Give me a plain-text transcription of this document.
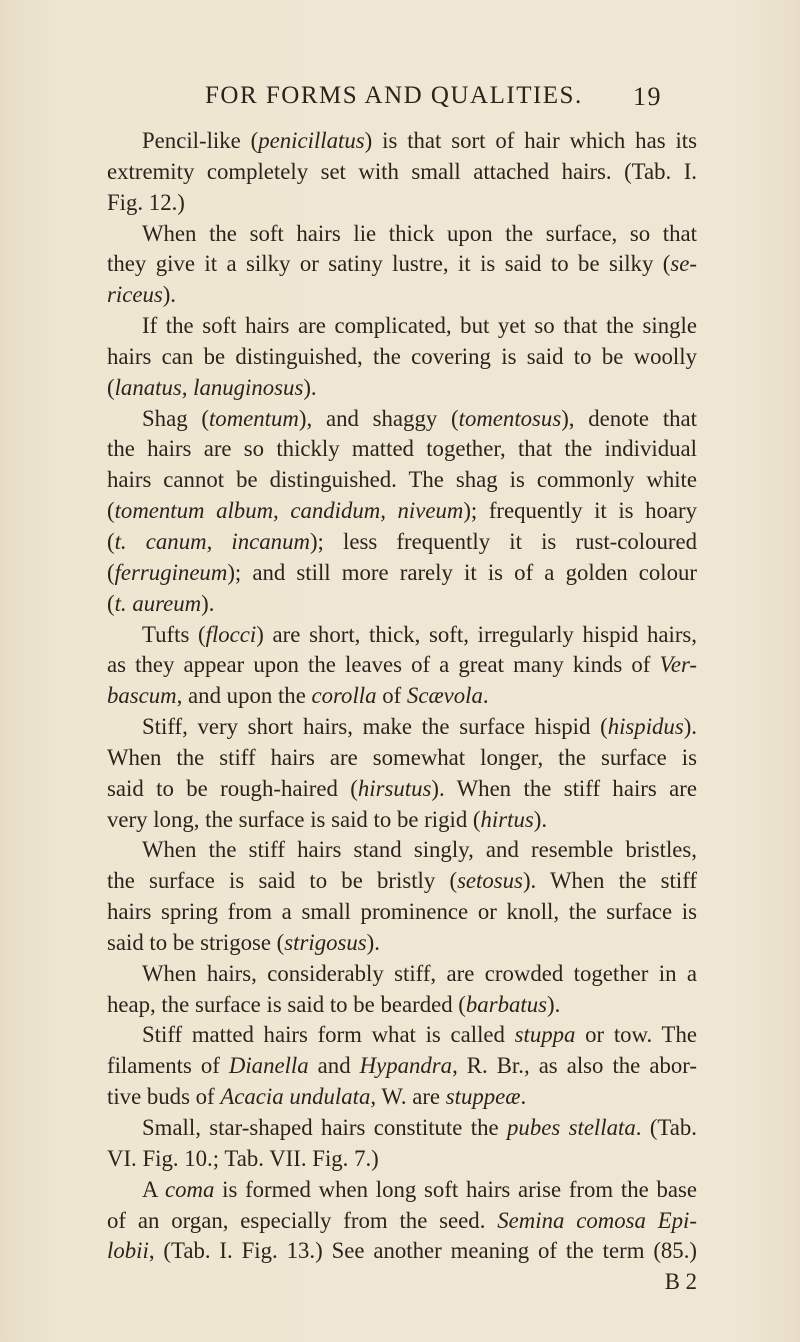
FOR FORMS AND QUALITIES. 19
Pencil-like (penicillatus) is that sort of hair which has its
extremity completely set with small attached hairs. (Tab. I.
Fig. 12.)
When the soft hairs lie thick upon the surface, so that
they give it a silky or satiny lustre, it is said to be silky (se-
riceus).
If the soft hairs are complicated, but yet so that the single
hairs can be distinguished, the covering is said to be woolly
(lanatus, lanuginosus).
Shag (tomentum), and shaggy (tomentosus), denote that
the hairs are so thickly matted together, that the individual
hairs cannot be distinguished. The shag is commonly white
(tomentum album, candidum, niveum); frequently it is hoary
(t. canum, incanum); less frequently it is rust-coloured
(ferrugineum); and still more rarely it is of a golden colour
(t. aureum).
Tufts (flocci) are short, thick, soft, irregularly hispid hairs,
as they appear upon the leaves of a great many kinds of Ver-
bascum, and upon the corolla of Scævola.
Stiff, very short hairs, make the surface hispid (hispidus).
When the stiff hairs are somewhat longer, the surface is
said to be rough-haired (hirsutus). When the stiff hairs are
very long, the surface is said to be rigid (hirtus).
When the stiff hairs stand singly, and resemble bristles,
the surface is said to be bristly (setosus). When the stiff
hairs spring from a small prominence or knoll, the surface is
said to be strigose (strigosus).
When hairs, considerably stiff, are crowded together in a
heap, the surface is said to be bearded (barbatus).
Stiff matted hairs form what is called stuppa or tow. The
filaments of Dianella and Hypandra, R. Br., as also the abor-
tive buds of Acacia undulata, W. are stuppeæ.
Small, star-shaped hairs constitute the pubes stellata. (Tab.
VI. Fig. 10.; Tab. VII. Fig. 7.)
A coma is formed when long soft hairs arise from the base
of an organ, especially from the seed. Semina comosa Epi-
lobii, (Tab. I. Fig. 13.) See another meaning of the term (85.)
B 2
